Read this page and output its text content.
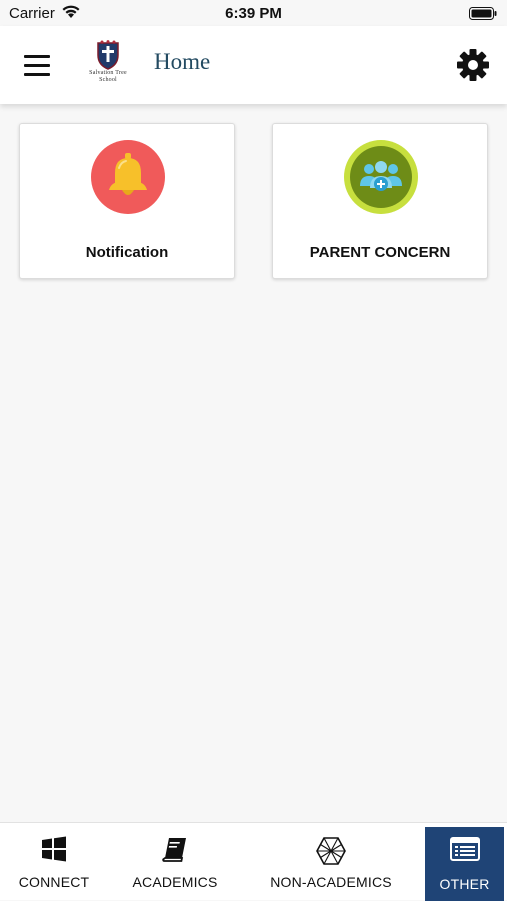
Carrier	6:39 PM
Salvation Tree
School
Home
Notification	PARENT CONCERN
CONNECT	ACADEMICS	NON-ACADEMICS	OTHER
